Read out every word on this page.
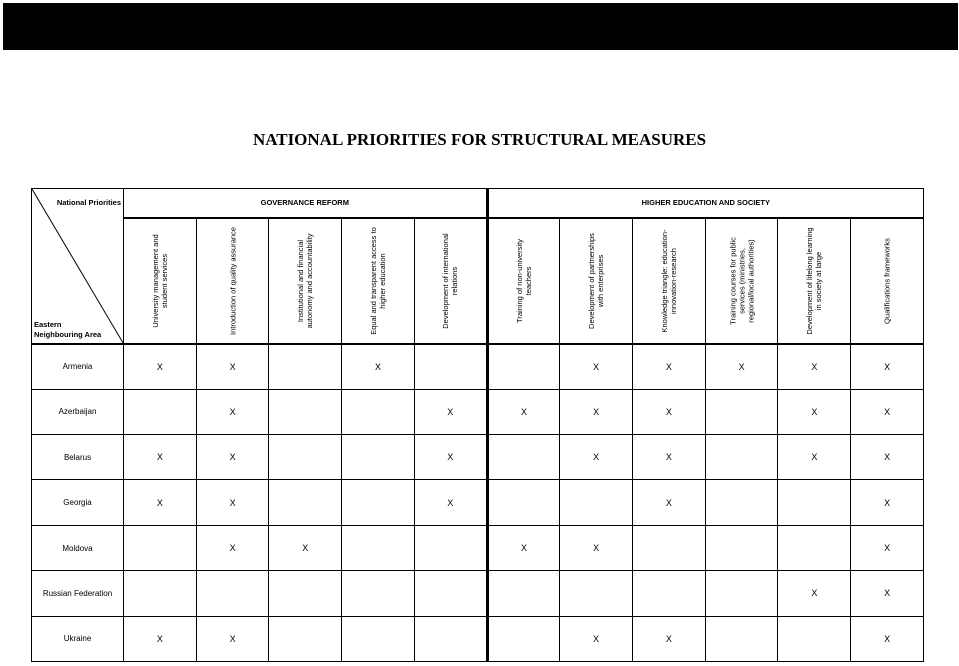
NATIONAL PRIORITIES FOR STRUCTURAL MEASURES
National Priorities
Eastern
Neighbouring Area	GOVERNANCE REFORM					HIGHER EDUCATION AND SOCIETY					

	University management and student services	Introduction of quality assurance	Institutional and financial autonomy and accountability	Equal and transparent access to higher education	Development of international relations	Training of non-university teachers	Development of partnerships with enterprises	Knowledge triangle: education-innovation-research	Training courses for public services (ministries, regional/local authorities)	Development of lifelong learning in society at large	Qualifications frameworks

Armenia	X	X		X			X	X	X	X	X
Azerbaijan		X			X	X	X	X		X	X
Belarus	X	X			X		X	X		X	X
Georgia	X	X			X			X			X
Moldova		X	X			X	X				X
Russian Federation										X	X
Ukraine	X	X					X	X			X
